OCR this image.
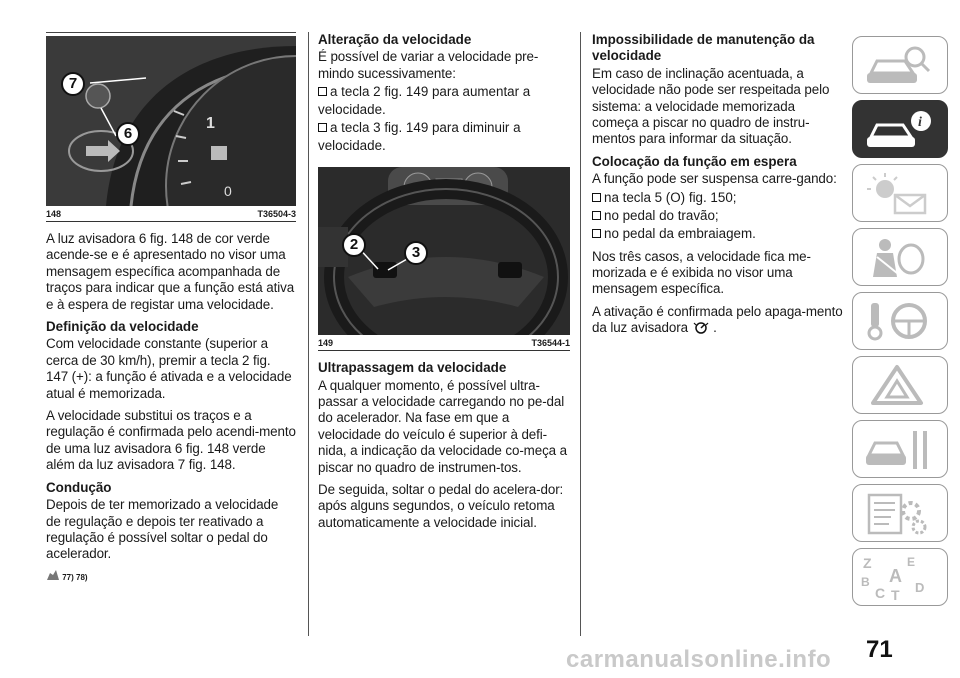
1
0
7
6
148	T36504-3

A luz avisadora 6 fig. 148 de cor verde acende-se e é apresentado no visor uma mensagem específica acompanhada de traços para indicar que a função está ativa e à espera de registar uma velocidade.

Definição da velocidade

Com velocidade constante (superior a cerca de 30 km/h), premir a tecla 2 fig. 147 (+): a função é ativada e a velocidade atual é memorizada.

A velocidade substitui os traços e a regulação é confirmada pelo acendi-mento de uma luz avisadora 6 fig. 148 verde além da luz avisadora 7 fig. 148.

Condução

Depois de ter memorizado a velocidade de regulação e depois ter reativado a regulação é possível soltar o pedal do acelerador.

77) 78)
Alteração da velocidade

É possível de variar a velocidade pre-mindo sucessivamente:

a tecla 2 fig. 149 para aumentar a velocidade.
a tecla 3 fig. 149 para diminuir a velocidade.
2	3
149	T36544-1
Ultrapassagem da velocidade

A qualquer momento, é possível ultra-passar a velocidade carregando no pe-dal do acelerador. Na fase em que a velocidade do veículo é superior à defi-nida, a indicação da velocidade co-meça a piscar no quadro de instrumen-tos.

De seguida, soltar o pedal do acelera-dor: após alguns segundos, o veículo retoma automaticamente a velocidade inicial.

Impossibilidade de manutenção da velocidade

Em caso de inclinação acentuada, a velocidade não pode ser respeitada pelo sistema: a velocidade memorizada começa a piscar no quadro de instru-mentos para informar da situação.

Colocação da função em espera

A função pode ser suspensa carre-gando:

na tecla 5 (O) fig. 150;
no pedal do travão;
no pedal da embraiagem.

Nos três casos, a velocidade fica me-morizada e é exibida no visor uma mensagem específica.

A ativação é confirmada pelo apaga-mento da luz avisadora .

i
Z	E
A
B
C T D
71
carmanualsonline.info
